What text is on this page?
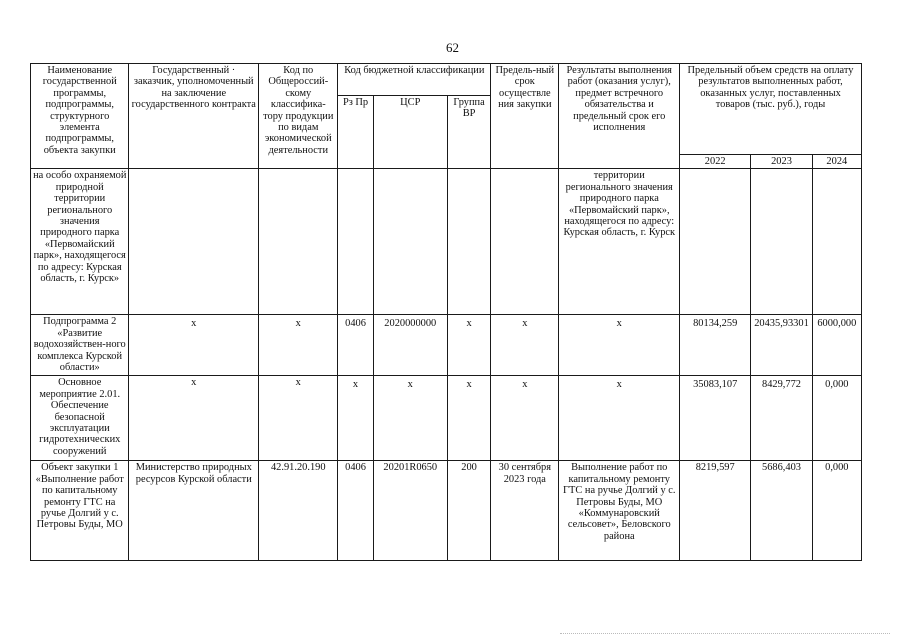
62
Наименование государственной программы, подпрограммы, структурного элемента подпрограммы, объекта закупки	Государственный · заказчик, уполномоченный на заключение государственного контракта	Код по Общероссий-скому классифика-тору продукции по видам экономической деятельности	Код бюджетной классификации			Предель-ный срок осуществле ния закупки	Результаты выполнения работ (оказания услуг), предмет встречного обязательства и предельный срок его исполнения	Предельный объем средств на оплату результатов выполненных работ, оказанных услуг, поставленных товаров (тыс. руб.), годы		
			Рз Пр	ЦСР	Группа ВР					
								2022	2023	2024
на особо охраняемой природной территории регионального значения природного парка «Первомайский парк», находящегося по адресу: Курская область, г. Курск»							территории регионального значения природного парка «Первомайский парк», находящегося по адресу: Курская область, г. Курск			
Подпрограмма 2 «Развитие водохозяйствен-ного комплекса Курской области»	x	x	0406	2020000000	x	x	x	80134,259	20435,93301	6000,000
Основное мероприятие 2.01. Обеспечение безопасной эксплуатации гидротехнических сооружений	x	x	x	x	x	x	x	35083,107	8429,772	0,000
Объект закупки 1 «Выполнение работ по капитальному ремонту ГТС на ручье Долгий у с. Петровы Буды, МО	Министерство природных ресурсов Курской области	42.91.20.190	0406	20201R0650	200	30 сентября 2023 года	Выполнение работ по капитальному ремонту ГТС на ручье Долгий у с. Петровы Буды, МО «Коммунаровский сельсовет», Беловского района	8219,597	5686,403	0,000
